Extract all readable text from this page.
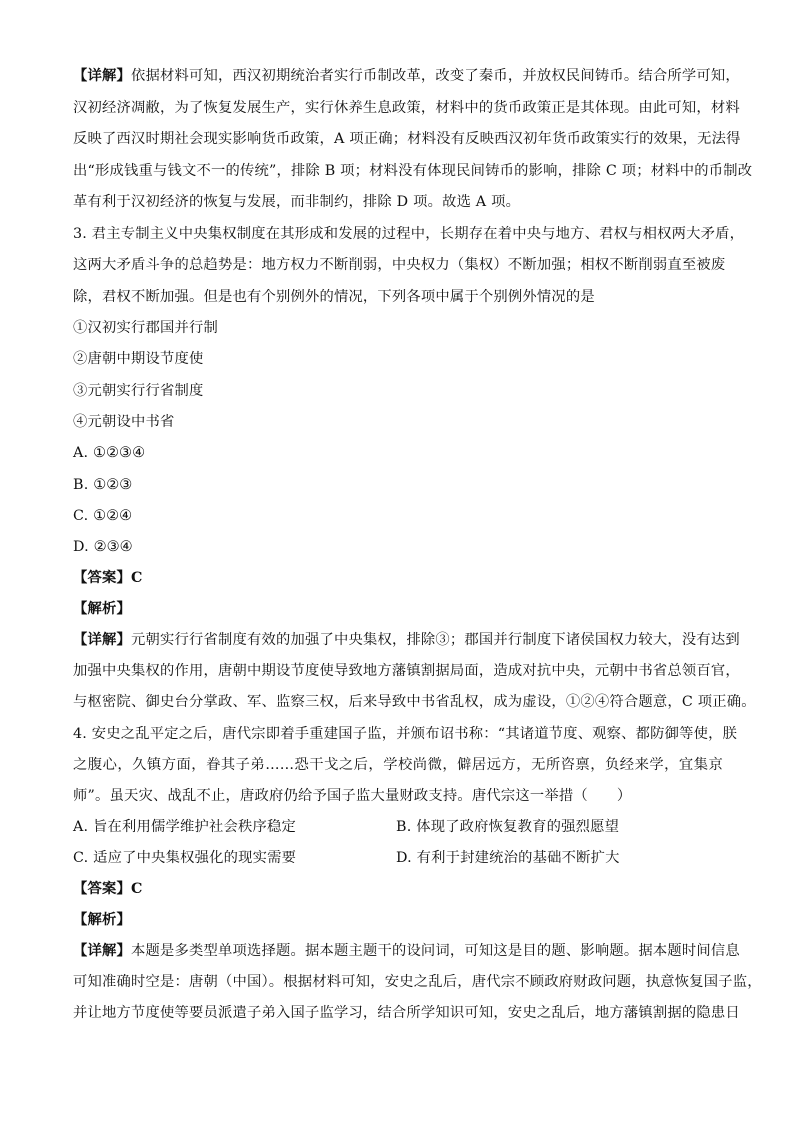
【详解】依据材料可知，西汉初期统治者实行币制改革，改变了秦币，并放权民间铸币。结合所学可知，
汉初经济凋敝，为了恢复发展生产，实行休养生息政策，材料中的货币政策正是其体现。由此可知，材料
反映了西汉时期社会现实影响货币政策，A 项正确；材料没有反映西汉初年货币政策实行的效果，无法得
出“形成钱重与钱文不一的传统”，排除 B 项；材料没有体现民间铸币的影响，排除 C 项；材料中的币制改
革有利于汉初经济的恢复与发展，而非制约，排除 D 项。故选 A 项。
3. 君主专制主义中央集权制度在其形成和发展的过程中，长期存在着中央与地方、君权与相权两大矛盾，
这两大矛盾斗争的总趋势是：地方权力不断削弱，中央权力（集权）不断加强；相权不断削弱直至被废
除，君权不断加强。但是也有个别例外的情况，下列各项中属于个别例外情况的是
①汉初实行郡国并行制
②唐朝中期设节度使
③元朝实行行省制度
④元朝设中书省
A. ①②③④
B. ①②③
C. ①②④
D. ②③④
【答案】C
【解析】
【详解】元朝实行行省制度有效的加强了中央集权，排除③；郡国并行制度下诸侯国权力较大，没有达到
加强中央集权的作用，唐朝中期设节度使导致地方藩镇割据局面，造成对抗中央，元朝中书省总领百官，
与枢密院、御史台分掌政、军、监察三权，后来导致中书省乱权，成为虚设，①②④符合题意，C 项正确。
4. 安史之乱平定之后，唐代宗即着手重建国子监，并颁布诏书称：“其诸道节度、观察、都防御等使，朕
之腹心，久镇方面，眷其子弟……恐干戈之后，学校尚微，僻居远方，无所咨禀，负经来学，宜集京
师”。虽天灾、战乱不止，唐政府仍给予国子监大量财政支持。唐代宗这一举措（　　）
A. 旨在利用儒学维护社会秩序稳定	B. 体现了政府恢复教育的强烈愿望
C. 适应了中央集权强化的现实需要	D. 有利于封建统治的基础不断扩大
【答案】C
【解析】
【详解】本题是多类型单项选择题。据本题主题干的设问词，可知这是目的题、影响题。据本题时间信息
可知准确时空是：唐朝（中国）。根据材料可知，安史之乱后，唐代宗不顾政府财政问题，执意恢复国子监，
并让地方节度使等要员派遣子弟入国子监学习，结合所学知识可知，安史之乱后，地方藩镇割据的隐患日
